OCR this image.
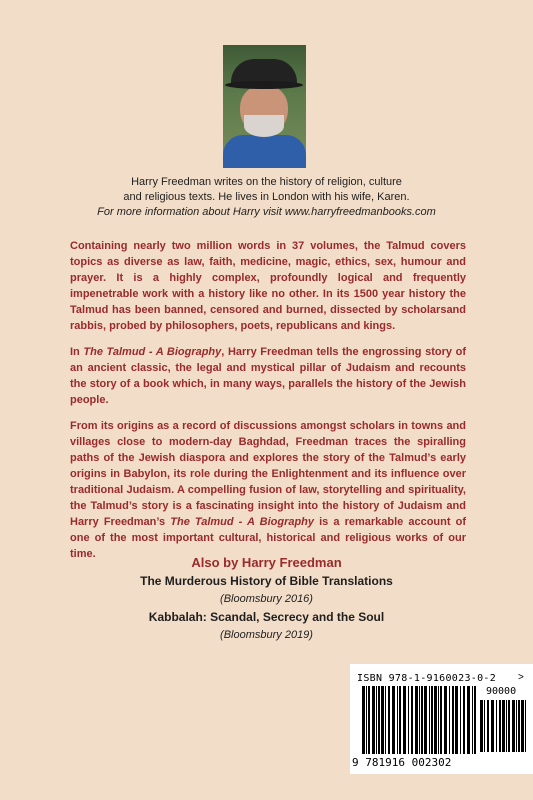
Harry Freedman writes on the history of religion, culture
and religious texts. He lives in London with his wife, Karen.
For more information about Harry visit www.harryfreedmanbooks.com

Containing nearly two million words in 37 volumes, the Talmud covers topics as diverse as law, faith, medicine, magic, ethics, sex, humour and prayer. It is a highly complex, profoundly logical and frequently impenetrable work with a history like no other. In its 1500 year history the Talmud has been banned, censored and burned, dissected by scholarsand rabbis, probed by philosophers, poets, republicans and kings.

In The Talmud - A Biography, Harry Freedman tells the engrossing story of an ancient classic, the legal and mystical pillar of Judaism and recounts the story of a book which, in many ways, parallels the history of the Jewish people.

From its origins as a record of discussions amongst scholars in towns and villages close to modern-day Baghdad, Freedman traces the spiralling paths of the Jewish diaspora and explores the story of the Talmud’s early origins in Babylon, its role during the Enlightenment and its influence over traditional Judaism. A compelling fusion of law, storytelling and spirituality, the Talmud’s story is a fascinating insight into the history of Judaism and Harry Freedman’s The Talmud - A Biography is a remarkable account of one of the most important cultural, historical and religious works of our time.

Also by Harry Freedman
The Murderous History of Bible Translations
(Bloomsbury 2016)
Kabbalah: Scandal, Secrecy and the Soul
(Bloomsbury 2019)
ISBN 978-1-9160023-0-2 >
90000
9 781916 002302
